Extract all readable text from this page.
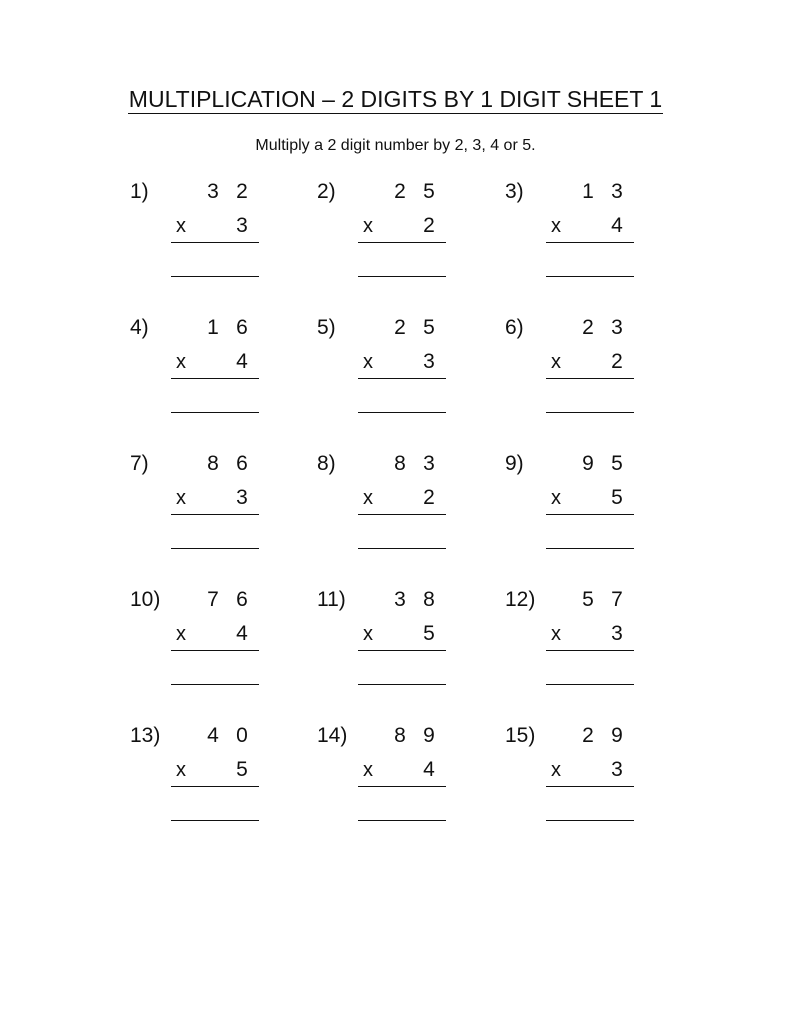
MULTIPLICATION – 2 DIGITS BY 1 DIGIT SHEET 1
Multiply a 2 digit number by 2, 3, 4 or 5.
1)	3 2
x 3
2)	2 5
x 2
3)	1 3
x 4
4)	1 6
x 4
5)	2 5
x 3
6)	2 3
x 2
7)	8 6
x 3
8)	8 3
x 2
9)	9 5
x 5
10) 7 6
x 4
11) 3 8
x 5
12) 5 7
x 3
13) 4 0
x 5
14) 8 9
x 4
15) 2 9
x 3
